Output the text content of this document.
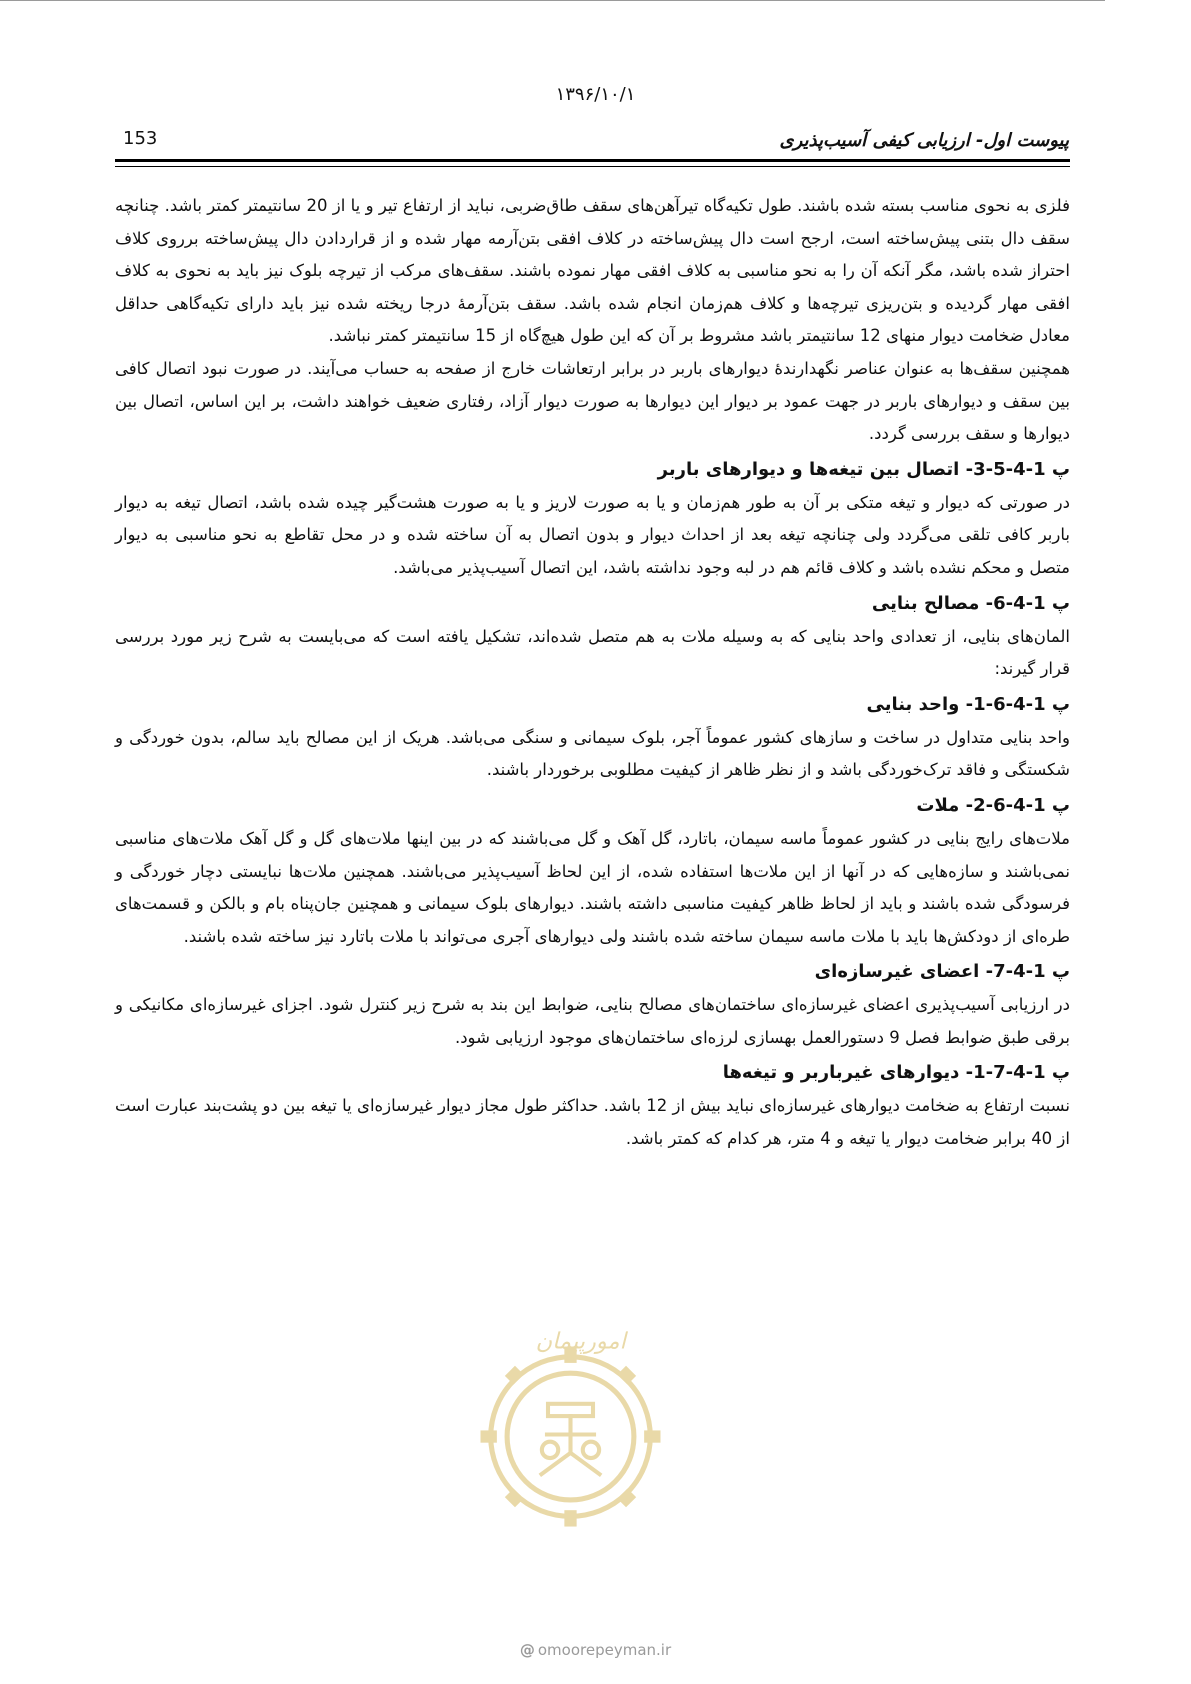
۱۳۹۶/۱۰/۱
153	پیوست اول- ارزیابی کیفی آسیب‌پذیری

فلزی به نحوی مناسب بسته شده باشند. طول تکیه‌گاه تیرآهن‌های سقف طاق‌ضربی، نباید از ارتفاع تیر و یا از 20 سانتیمتر کمتر باشد. چنانچه سقف دال بتنی پیش‌ساخته است، ارجح است دال پیش‌ساخته در کلاف افقی بتن‌آرمه مهار شده و از قراردادن دال پیش‌ساخته برروی کلاف احتراز شده باشد، مگر آنکه آن را به نحو مناسبی به کلاف افقی مهار نموده باشند. سقف‌های مرکب از تیرچه بلوک نیز باید به نحوی به کلاف افقی مهار گردیده و بتن‌ریزی تیرچه‌ها و کلاف هم‌زمان انجام شده باشد. سقف بتن‌آرمهٔ درجا ریخته شده نیز باید دارای تکیه‌گاهی حداقل معادل ضخامت دیوار منهای 12 سانتیمتر باشد مشروط بر آن که این طول هیچ‌گاه از 15 سانتیمتر کمتر نباشد.

همچنین سقف‌ها به عنوان عناصر نگهدارندهٔ دیوارهای باربر در برابر ارتعاشات خارج از صفحه به حساب می‌آیند. در صورت نبود اتصال کافی بین سقف و دیوارهای باربر در جهت عمود بر دیوار این دیوارها به صورت دیوار آزاد، رفتاری ضعیف خواهند داشت، بر این اساس، اتصال بین دیوارها و سقف بررسی گردد.

پ 1-4-5-3- اتصال بین تیغه‌ها و دیوارهای باربر

در صورتی که دیوار و تیغه متکی بر آن به طور هم‌زمان و یا به صورت لاریز و یا به صورت هشت‌گیر چیده شده باشد، اتصال تیغه به دیوار باربر کافی تلقی می‌گردد ولی چنانچه تیغه بعد از احداث دیوار و بدون اتصال به آن ساخته شده و در محل تقاطع به نحو مناسبی به دیوار متصل و محکم نشده باشد و کلاف قائم هم در لبه وجود نداشته باشد، این اتصال آسیب‌پذیر می‌باشد.

پ 1-4-6- مصالح بنایی

المان‌های بنایی، از تعدادی واحد بنایی که به وسیله ملات به هم متصل شده‌اند، تشکیل یافته است که می‌بایست به شرح زیر مورد بررسی قرار گیرند:

پ 1-4-6-1- واحد بنایی

واحد بنایی متداول در ساخت و سازهای کشور عموماً آجر، بلوک سیمانی و سنگی می‌باشد. هریک از این مصالح باید سالم، بدون خوردگی و شکستگی و فاقد ترک‌خوردگی باشد و از نظر ظاهر از کیفیت مطلوبی برخوردار باشند.

پ 1-4-6-2- ملات

ملات‌های رایج بنایی در کشور عموماً ماسه سیمان، باتارد، گل آهک و گل می‌باشند که در بین اینها ملات‌های گل و گل آهک ملات‌های مناسبی نمی‌باشند و سازه‌هایی که در آنها از این ملات‌ها استفاده شده، از این لحاظ آسیب‌پذیر می‌باشند. همچنین ملات‌ها نبایستی دچار خوردگی و فرسودگی شده باشند و باید از لحاظ ظاهر کیفیت مناسبی داشته باشند. دیوارهای بلوک سیمانی و همچنین جان‌پناه بام و بالکن و قسمت‌های طره‌ای از دودکش‌ها باید با ملات ماسه سیمان ساخته شده باشند ولی دیوارهای آجری می‌تواند با ملات باتارد نیز ساخته شده باشند.

پ 1-4-7- اعضای غیرسازه‌ای

در ارزیابی آسیب‌پذیری اعضای غیرسازه‌ای ساختمان‌های مصالح بنایی، ضوابط این بند به شرح زیر کنترل شود. اجزای غیرسازه‌ای مکانیکی و برقی طبق ضوابط فصل 9 دستورالعمل بهسازی لرزه‌ای ساختمان‌های موجود ارزیابی شود.

پ 1-4-7-1- دیوارهای غیرباربر و تیغه‌ها

نسبت ارتفاع به ضخامت دیوارهای غیرسازه‌ای نباید بیش از 12 باشد. حداکثر طول مجاز دیوار غیرسازه‌ای یا تیغه بین دو پشت‌بند عبارت است از 40 برابر ضخامت دیوار یا تیغه و 4 متر، هر کدام که کمتر باشد.

امورپیمان
@ omoorepeyman.ir
